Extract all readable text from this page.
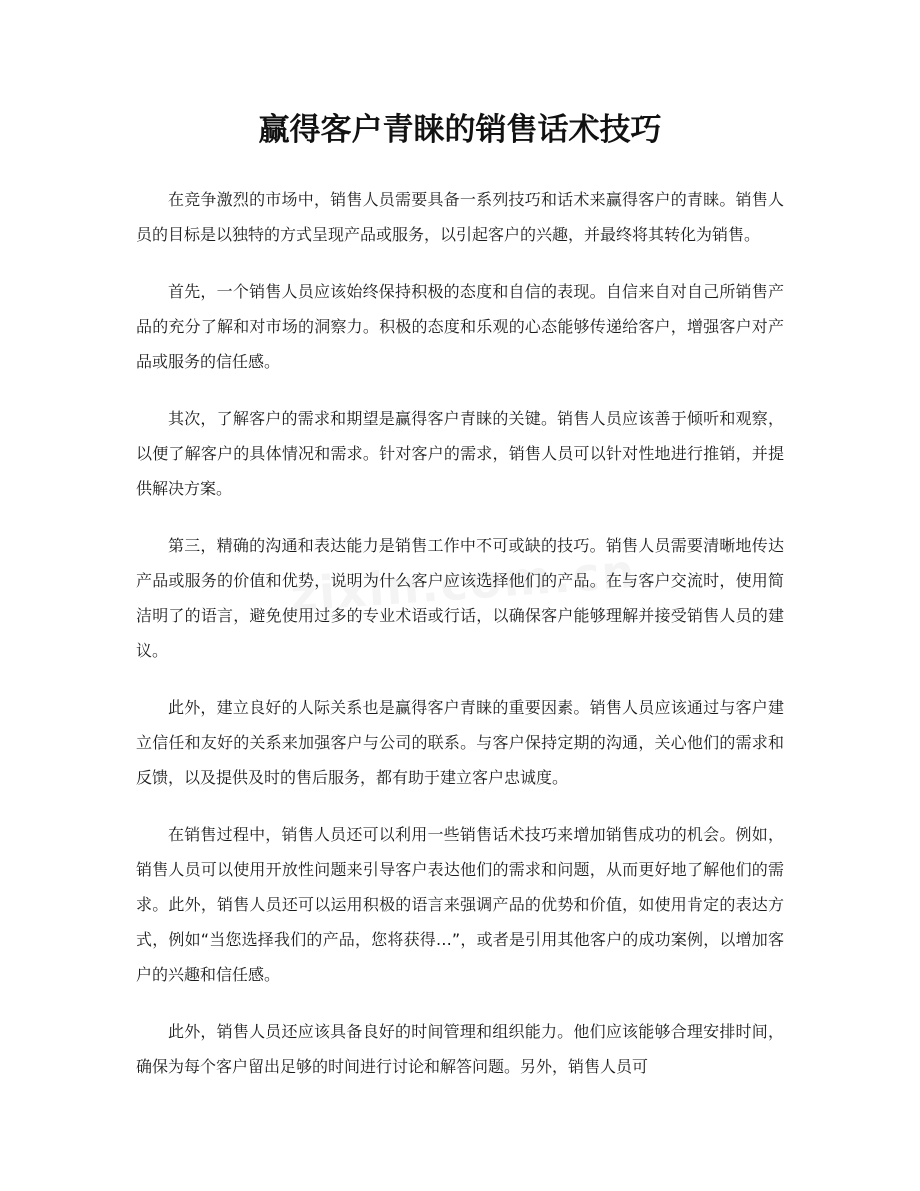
赢得客户青睐的销售话术技巧

在竞争激烈的市场中，销售人员需要具备一系列技巧和话术来赢得客户的青睐。销售人员的目标是以独特的方式呈现产品或服务，以引起客户的兴趣，并最终将其转化为销售。

首先，一个销售人员应该始终保持积极的态度和自信的表现。自信来自对自己所销售产品的充分了解和对市场的洞察力。积极的态度和乐观的心态能够传递给客户，增强客户对产品或服务的信任感。

其次，了解客户的需求和期望是赢得客户青睐的关键。销售人员应该善于倾听和观察，以便了解客户的具体情况和需求。针对客户的需求，销售人员可以针对性地进行推销，并提供解决方案。

第三，精确的沟通和表达能力是销售工作中不可或缺的技巧。销售人员需要清晰地传达产品或服务的价值和优势，说明为什么客户应该选择他们的产品。在与客户交流时，使用简洁明了的语言，避免使用过多的专业术语或行话，以确保客户能够理解并接受销售人员的建议。

此外，建立良好的人际关系也是赢得客户青睐的重要因素。销售人员应该通过与客户建立信任和友好的关系来加强客户与公司的联系。与客户保持定期的沟通，关心他们的需求和反馈，以及提供及时的售后服务，都有助于建立客户忠诚度。

在销售过程中，销售人员还可以利用一些销售话术技巧来增加销售成功的机会。例如，销售人员可以使用开放性问题来引导客户表达他们的需求和问题，从而更好地了解他们的需求。此外，销售人员还可以运用积极的语言来强调产品的优势和价值，如使用肯定的表达方式，例如“当您选择我们的产品，您将获得…”，或者是引用其他客户的成功案例，以增加客户的兴趣和信任感。

此外，销售人员还应该具备良好的时间管理和组织能力。他们应该能够合理安排时间，确保为每个客户留出足够的时间进行讨论和解答问题。另外，销售人员可
